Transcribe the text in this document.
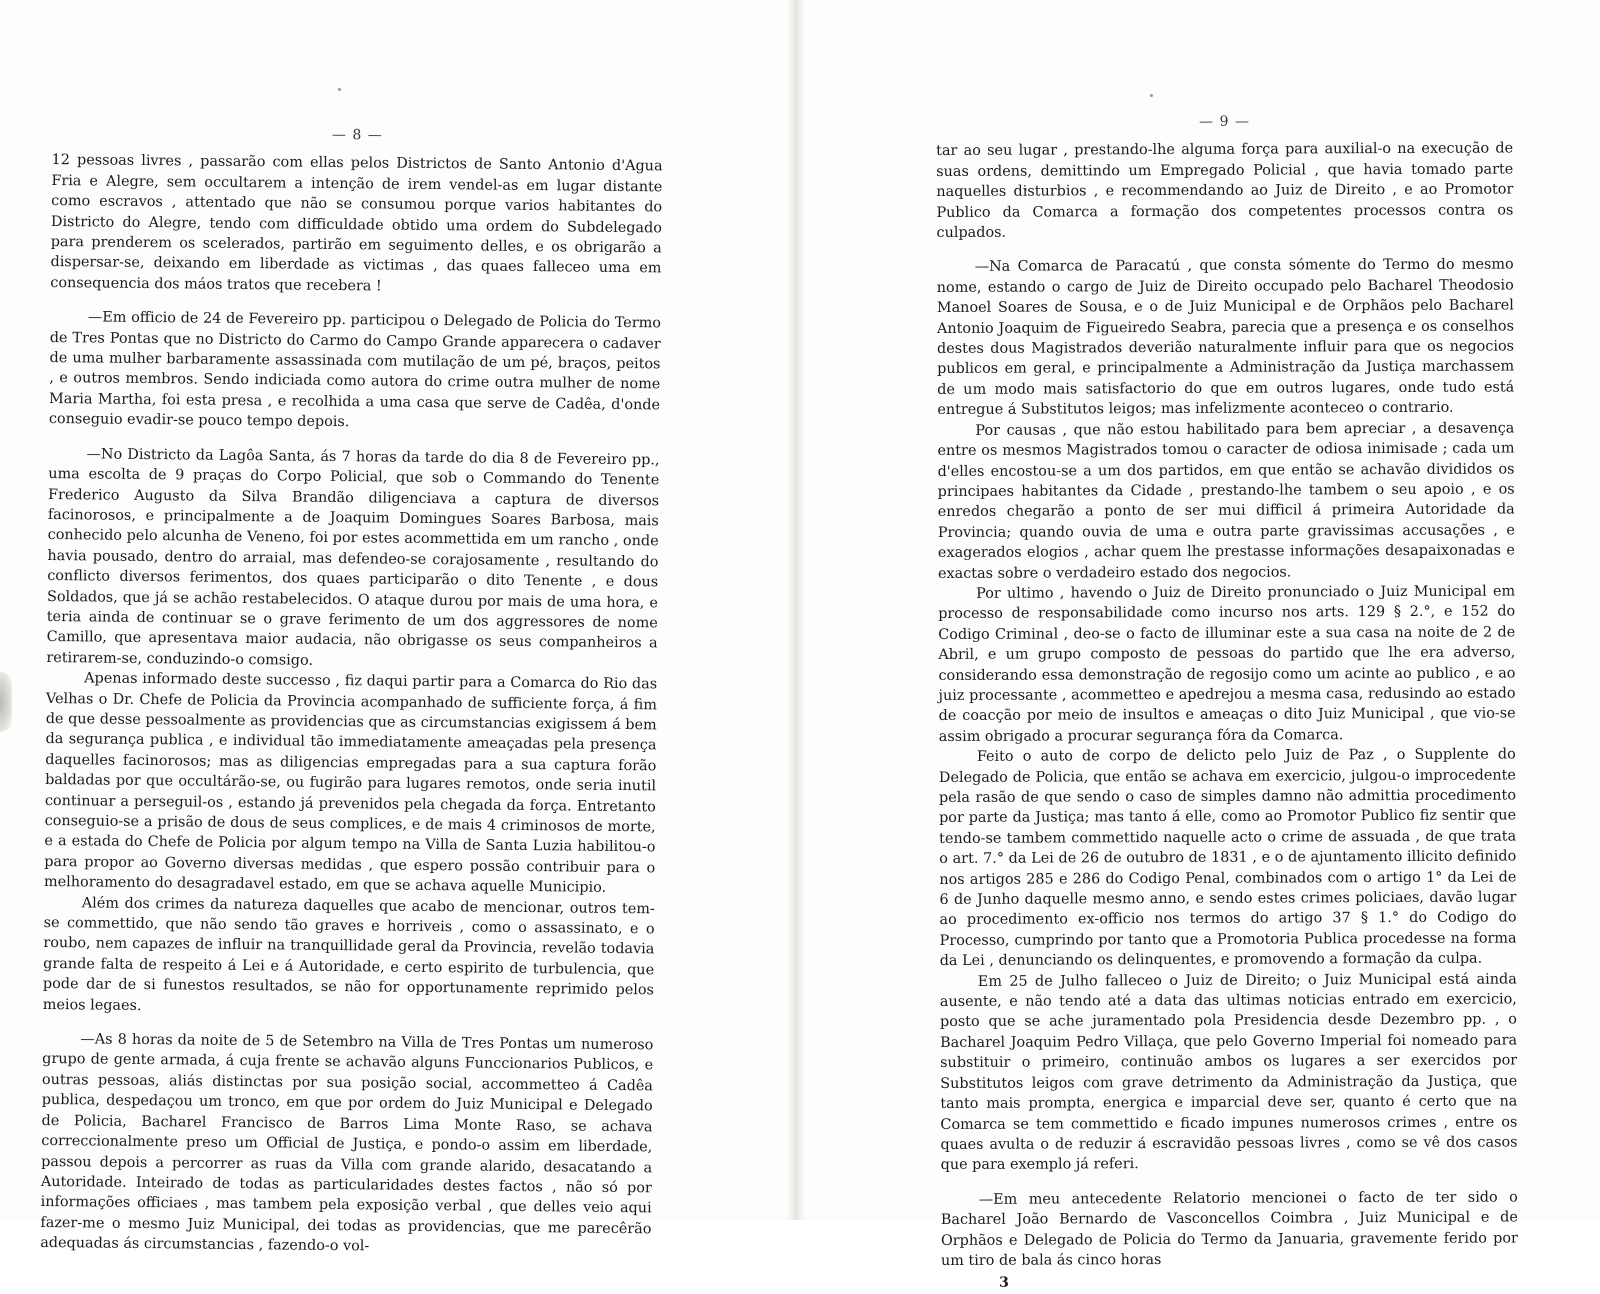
— 8 —

12 pessoas livres , passarão com ellas pelos Districtos de Santo Antonio d'Agua Fria e Alegre, sem occultarem a intenção de irem vendel-as em lugar distante como escravos , attentado que não se consumou porque varios habitantes do Districto do Alegre, tendo com difficuldade obtido uma ordem do Subdelegado para prenderem os scelerados, partirão em seguimento delles, e os obrigarão a dispersar-se, deixando em liberdade as victimas , das quaes falleceo uma em consequencia dos máos tratos que recebera !

—Em officio de 24 de Fevereiro pp. participou o Delegado de Policia do Termo de Tres Pontas que no Districto do Carmo do Campo Grande apparecera o cadaver de uma mulher barbaramente assassinada com mutilação de um pé, braços, peitos , e outros membros. Sendo indiciada como autora do crime outra mulher de nome Maria Martha, foi esta presa , e recolhida a uma casa que serve de Cadêa, d'onde conseguio evadir-se pouco tempo depois.

—No Districto da Lagôa Santa, ás 7 horas da tarde do dia 8 de Fevereiro pp., uma escolta de 9 praças do Corpo Policial, que sob o Commando do Tenente Frederico Augusto da Silva Brandão diligenciava a captura de diversos facinorosos, e principalmente a de Joaquim Domingues Soares Barbosa, mais conhecido pelo alcunha de Veneno, foi por estes acommettida em um rancho , onde havia pousado, dentro do arraial, mas defendeo-se corajosamente , resultando do conflicto diversos ferimentos, dos quaes participarão o dito Tenente , e dous Soldados, que já se achão restabelecidos. O ataque durou por mais de uma hora, e teria ainda de continuar se o grave ferimento de um dos aggressores de nome Camillo, que apresentava maior audacia, não obrigasse os seus companheiros a retirarem-se, conduzindo-o comsigo.

Apenas informado deste successo , fiz daqui partir para a Comarca do Rio das Velhas o Dr. Chefe de Policia da Provincia acompanhado de sufficiente força, á fim de que desse pessoalmente as providencias que as circumstancias exigissem á bem da segurança publica , e individual tão immediatamente ameaçadas pela presença daquelles facinorosos; mas as diligencias empregadas para a sua captura forão baldadas por que occultárão-se, ou fugirão para lugares remotos, onde seria inutil continuar a perseguil-os , estando já prevenidos pela chegada da força. Entretanto conseguio-se a prisão de dous de seus complices, e de mais 4 criminosos de morte, e a estada do Chefe de Policia por algum tempo na Villa de Santa Luzia habilitou-o para propor ao Governo diversas medidas , que espero possão contribuir para o melhoramento do desagradavel estado, em que se achava aquelle Municipio.

Além dos crimes da natureza daquelles que acabo de mencionar, outros tem-se commettido, que não sendo tão graves e horriveis , como o assassinato, e o roubo, nem capazes de influir na tranquillidade geral da Provincia, revelão todavia grande falta de respeito á Lei e á Autoridade, e certo espirito de turbulencia, que pode dar de si funestos resultados, se não for opportunamente reprimido pelos meios legaes.

—As 8 horas da noite de 5 de Setembro na Villa de Tres Pontas um numeroso grupo de gente armada, á cuja frente se achavão alguns Funccionarios Publicos, e outras pessoas, aliás distinctas por sua posição social, accommetteo á Cadêa publica, despedaçou um tronco, em que por ordem do Juiz Municipal e Delegado de Policia, Bacharel Francisco de Barros Lima Monte Raso, se achava correccionalmente preso um Official de Justiça, e pondo-o assim em liberdade, passou depois a percorrer as ruas da Villa com grande alarido, desacatando a Autoridade. Inteirado de todas as particularidades destes factos , não só por informações officiaes , mas tambem pela exposição verbal , que delles veio aqui fazer-me o mesmo Juiz Municipal, dei todas as providencias, que me parecêrão adequadas ás circumstancias , fazendo-o vol-

— 9 —

tar ao seu lugar , prestando-lhe alguma força para auxilial-o na execução de suas ordens, demittindo um Empregado Policial , que havia tomado parte naquelles disturbios , e recommendando ao Juiz de Direito , e ao Promotor Publico da Comarca a formação dos competentes processos contra os culpados.

—Na Comarca de Paracatú , que consta sómente do Termo do mesmo nome, estando o cargo de Juiz de Direito occupado pelo Bacharel Theodosio Manoel Soares de Sousa, e o de Juiz Municipal e de Orphãos pelo Bacharel Antonio Joaquim de Figueiredo Seabra, parecia que a presença e os conselhos destes dous Magistrados deverião naturalmente influir para que os negocios publicos em geral, e principalmente a Administração da Justiça marchassem de um modo mais satisfactorio do que em outros lugares, onde tudo está entregue á Substitutos leigos; mas infelizmente aconteceo o contrario.

Por causas , que não estou habilitado para bem apreciar , a desavença entre os mesmos Magistrados tomou o caracter de odiosa inimisade ; cada um d'elles encostou-se a um dos partidos, em que então se achavão divididos os principaes habitantes da Cidade , prestando-lhe tambem o seu apoio , e os enredos chegarão a ponto de ser mui difficil á primeira Autoridade da Provincia; quando ouvia de uma e outra parte gravissimas accusações , e exagerados elogios , achar quem lhe prestasse informações desapaixonadas e exactas sobre o verdadeiro estado dos negocios.

Por ultimo , havendo o Juiz de Direito pronunciado o Juiz Municipal em processo de responsabilidade como incurso nos arts. 129 § 2.°, e 152 do Codigo Criminal , deo-se o facto de illuminar este a sua casa na noite de 2 de Abril, e um grupo composto de pessoas do partido que lhe era adverso, considerando essa demonstração de regosijo como um acinte ao publico , e ao juiz processante , acommetteo e apedrejou a mesma casa, redusindo ao estado de coacção por meio de insultos e ameaças o dito Juiz Municipal , que vio-se assim obrigado a procurar segurança fóra da Comarca.

Feito o auto de corpo de delicto pelo Juiz de Paz , o Supplente do Delegado de Policia, que então se achava em exercicio, julgou-o improcedente pela rasão de que sendo o caso de simples damno não admittia procedimento por parte da Justiça; mas tanto á elle, como ao Promotor Publico fiz sentir que tendo-se tambem commettido naquelle acto o crime de assuada , de que trata o art. 7.° da Lei de 26 de outubro de 1831 , e o de ajuntamento illicito definido nos artigos 285 e 286 do Codigo Penal, combinados com o artigo 1° da Lei de 6 de Junho daquelle mesmo anno, e sendo estes crimes policiaes, davão lugar ao procedimento ex-officio nos termos do artigo 37 § 1.° do Codigo do Processo, cumprindo por tanto que a Promotoria Publica procedesse na forma da Lei , denunciando os delinquentes, e promovendo a formação da culpa.

Em 25 de Julho falleceo o Juiz de Direito; o Juiz Municipal está ainda ausente, e não tendo até a data das ultimas noticias entrado em exercicio, posto que se ache juramentado pola Presidencia desde Dezembro pp. , o Bacharel Joaquim Pedro Villaça, que pelo Governo Imperial foi nomeado para substituir o primeiro, continuão ambos os lugares a ser exercidos por Substitutos leigos com grave detrimento da Administração da Justiça, que tanto mais prompta, energica e imparcial deve ser, quanto é certo que na Comarca se tem commettido e ficado impunes numerosos crimes , entre os quaes avulta o de reduzir á escravidão pessoas livres , como se vê dos casos que para exemplo já referi.

—Em meu antecedente Relatorio mencionei o facto de ter sido o Bacharel João Bernardo de Vasconcellos Coimbra , Juiz Municipal e de Orphãos e Delegado de Policia do Termo da Januaria, gravemente ferido por um tiro de bala ás cinco horas

3
